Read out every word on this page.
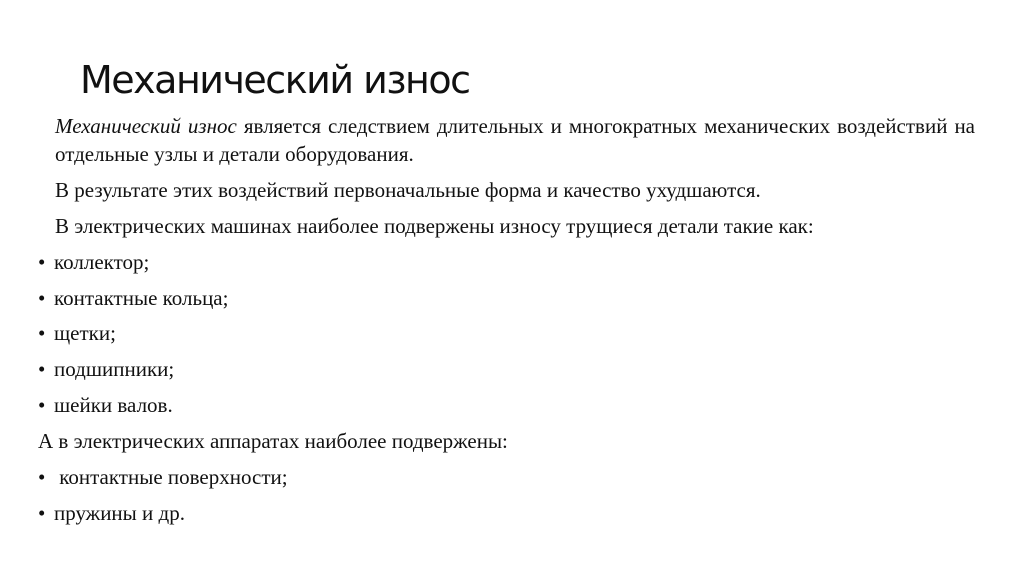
Механический износ
Механический износ является следствием длительных и многократных механических воздействий на отдельные узлы и детали оборудования.
В результате этих воздействий первоначальные форма и качество ухудшаются.
В электрических машинах наиболее подвержены износу трущиеся детали такие как:
• коллектор;
• контактные кольца;
• щетки;
• подшипники;
• шейки валов.
А в электрических аппаратах наиболее подвержены:
• контактные поверхности;
• пружины и др.
